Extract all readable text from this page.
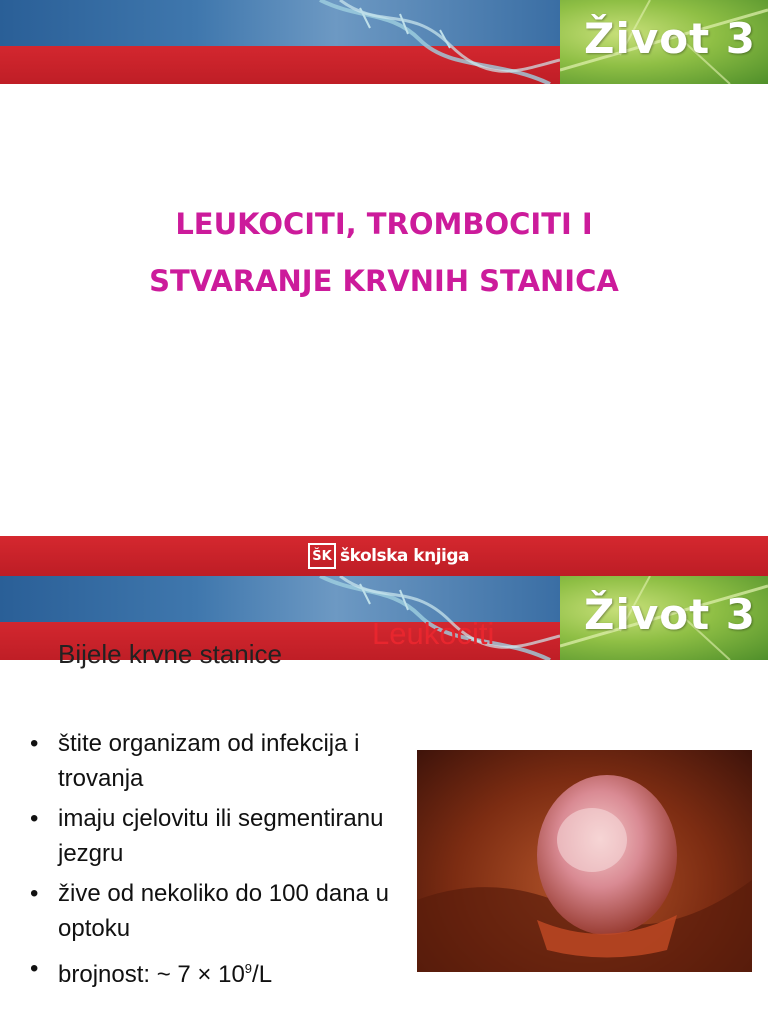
Život 3
LEUKOCITI, TROMBOCITI I
STVARANJE KRVNIH STANICA
ŠK školska knjiga
Život 3
Leukociti
Bijele krvne stanice
• štite organizam od infekcija i trovanja
• imaju cjelovitu ili segmentiranu jezgru
• žive od nekoliko do 100 dana u optoku
• brojnost: ~ $7 \times 10^9/L$
